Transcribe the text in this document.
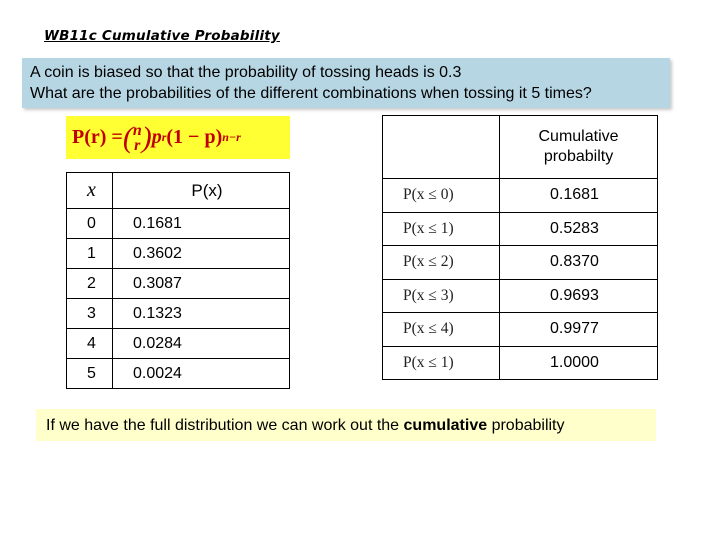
WB11c Cumulative Probability
A coin is biased so that the probability of tossing heads is 0.3
What are the probabilities of the different combinations when tossing it 5 times?
P(r) = ( n
r ) p r (1 − p) n−r
x	P(x)
0	0.1681
1	0.3602
2	0.3087
3	0.1323
4	0.0284
5	0.0024

	Cumulative
probabilty

P(x ≤ 0)	0.1681
P(x ≤ 1)	0.5283
P(x ≤ 2)	0.8370
P(x ≤ 3)	0.9693
P(x ≤ 4)	0.9977
P(x ≤ 1)	1.0000
If we have the full distribution we can work out the cumulative probability
